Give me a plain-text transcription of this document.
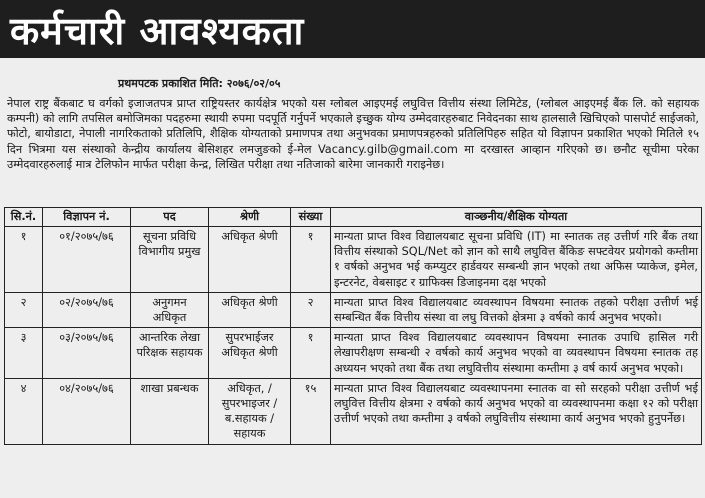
कर्मचारी आवश्यकता
प्रथमपटक प्रकाशित मिति: २०७६/०२/०५
नेपाल राष्ट्र बैंकबाट घ वर्गको इजाजतपत्र प्राप्त राष्ट्रियस्तर कार्यक्षेत्र भएको यस ग्लोबल आइएमई लघुवित्त वित्तीय संस्था लिमिटेड, (ग्लोबल आइएमई बैंक लि. को सहायक कम्पनी) को लागि तपसिल बमोजिमका पदहरुमा स्थायी रुपमा पदपूर्ति गर्नुपर्ने भएकाले इच्छुक योग्य उम्मेदवारहरुबाट निवेदनका साथ हालसालै खिचिएको पासपोर्ट साईजको, फोटो, बायोडाटा, नेपाली नागरिकताको प्रतिलिपि, शैक्षिक योग्यताको प्रमाणपत्र तथा अनुभवका प्रमाणपत्रहरुको प्रतिलिपिहरु सहित यो विज्ञापन प्रकाशित भएको मितिले १५ दिन भित्रमा यस संस्थाको केन्द्रीय कार्यालय बेसिशहर लमजुङको ई-मेल Vacancy.gilb@gmail.com मा दरखास्त आव्हान गरिएको छ। छनौट सूचीमा परेका उम्मेदवारहरुलाई मात्र टेलिफोन मार्फत परीक्षा केन्द्र, लिखित परीक्षा तथा नतिजाको बारेमा जानकारी गराइनेछ।
सि.नं.	विज्ञापन नं.	पद	श्रेणी	संख्या	वाञ्छनीय/शैक्षिक योग्यता
१	०१/२०७५/७६	सूचना प्रविधि विभागीय प्रमुख	अधिकृत श्रेणी	१	मान्यता प्राप्त विश्व विद्यालयबाट सूचना प्रविधि (IT) मा स्नातक तह उत्तीर्ण गरि बैंक तथा वित्तीय संस्थाको SQL/Net को ज्ञान को साथै लघुवित्त बैंकिङ सफ्टवेयर प्रयोगको कम्तीमा १ वर्षको अनुभव भई कम्प्युटर हार्डवयर सम्बन्धी ज्ञान भएको तथा अफिस प्याकेज, इमेल, इन्टरनेट, वेबसाइट र ग्राफिक्स डिजाइनमा दक्ष भएको
२	०२/२०७५/७६	अनुगमन अधिकृत	अधिकृत श्रेणी	२	मान्यता प्राप्त विश्व विद्यालयबाट व्यवस्थापन विषयमा स्नातक तहको परीक्षा उत्तीर्ण भई सम्बन्धित बैंक वित्तीय संस्था वा लघु वित्तको क्षेत्रमा ३ वर्षको कार्य अनुभव भएको।
३	०३/२०७५/७६	आन्तरिक लेखा परिक्षक सहायक	सुपरभाईजर अधिकृत श्रेणी	१	मान्यता प्राप्त विश्व विद्यालयबाट व्यवस्थापन विषयमा स्नातक उपाधि हासिल गरी लेखापरीक्षण सम्बन्धी २ वर्षको कार्य अनुभव भएको वा व्यवस्थापन विषयमा स्नातक तह अध्ययन भएको तथा बैंक तथा लघुवित्तीय संस्थामा कम्तीमा ३ वर्ष कार्य अनुभव भएको।
४	०४/२०७५/७६	शाखा प्रबन्धक	अधिकृत, /सुपरभाइजर /ब.सहायक /सहायक	१५	मान्यता प्राप्त विश्व विद्यालयबाट व्यवस्थापनमा स्नातक वा सो सरहको परीक्षा उत्तीर्ण भई लघुवित्त वित्तीय क्षेत्रमा २ वर्षको कार्य अनुभव भएको वा व्यवस्थापनमा कक्षा १२ को परीक्षा उत्तीर्ण भएको तथा कम्तीमा ३ वर्षको लघुवित्तीय संस्थामा कार्य अनुभव भएको हुनुपर्नेछ।
